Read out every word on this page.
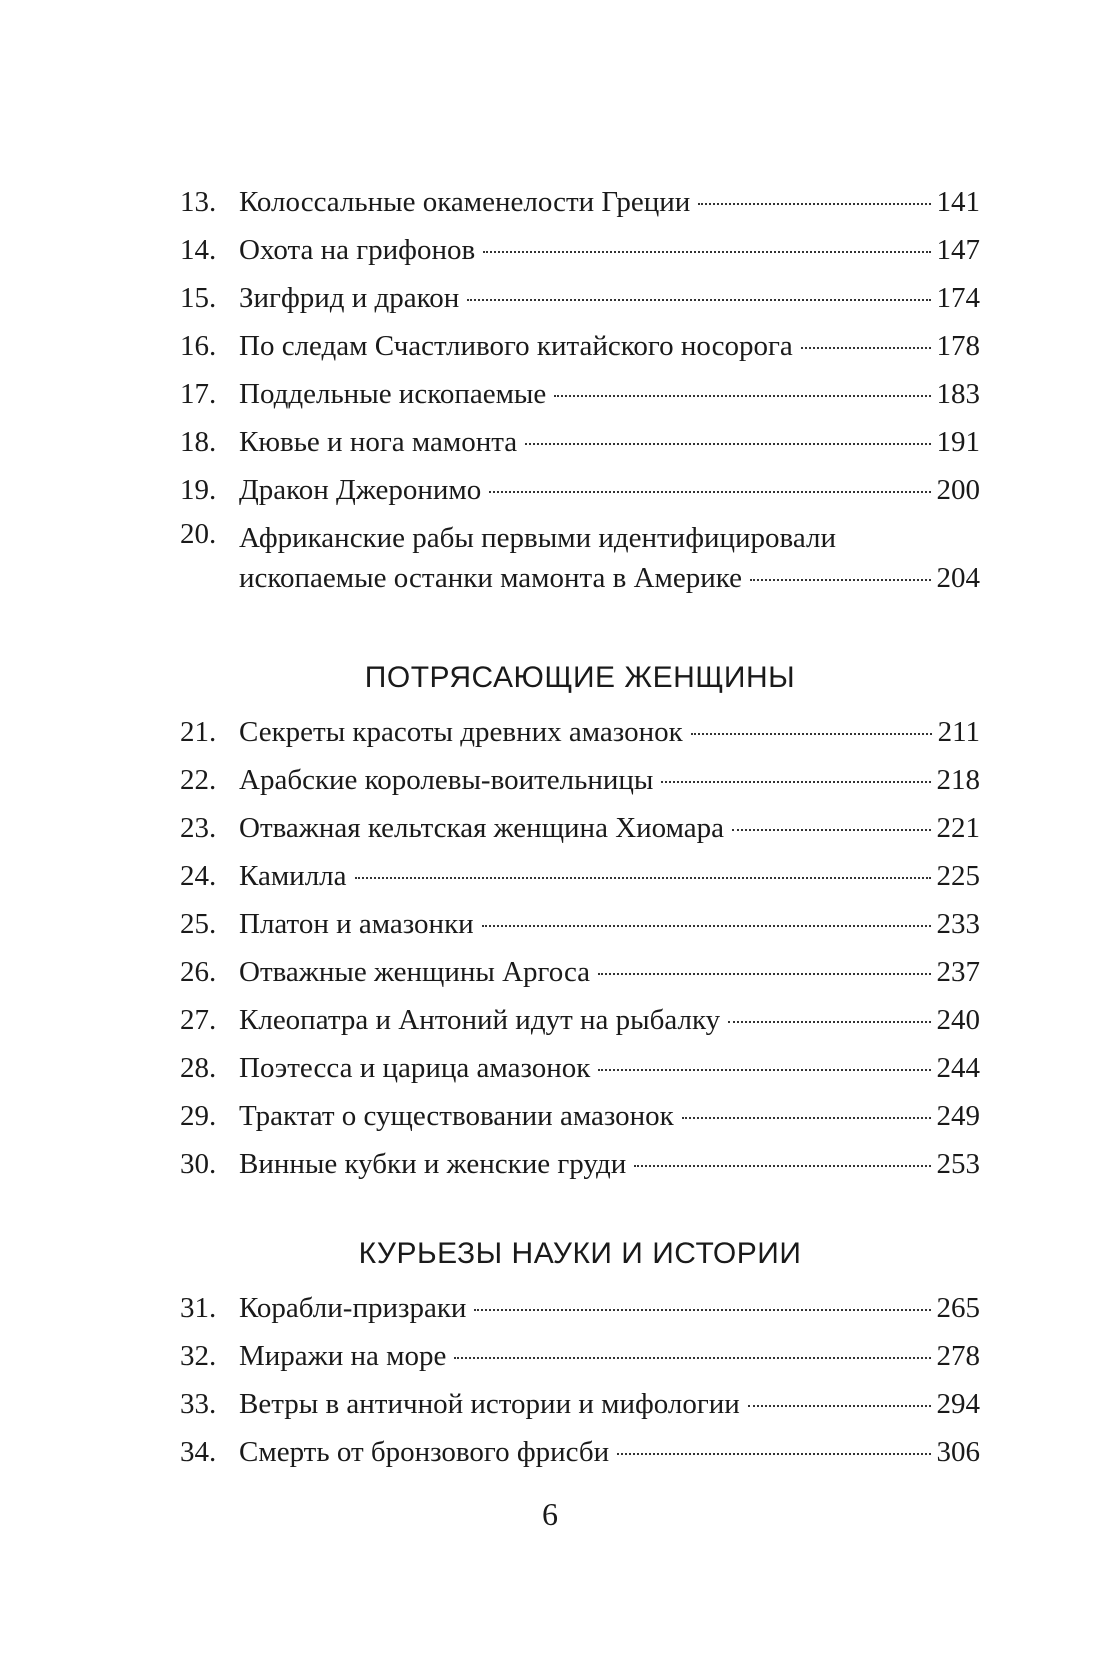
13. Колоссальные окаменелости Греции	141
14. Охота на грифонов	147
15. Зигфрид и дракон	174
16. По следам Счастливого китайского носорога	178
17. Поддельные ископаемые	183
18. Кювье и нога мамонта	191
19. Дракон Джеронимо	200
20. Африканские рабы первыми идентифицировали
ископаемые останки мамонта в Америке	204
ПОТРЯСАЮЩИЕ ЖЕНЩИНЫ
21. Секреты красоты древних амазонок	211
22. Арабские королевы-воительницы	218
23. Отважная кельтская женщина Хиомара	221
24. Камилла	225
25. Платон и амазонки	233
26. Отважные женщины Аргоса	237
27. Клеопатра и Антоний идут на рыбалку	240
28. Поэтесса и царица амазонок	244
29. Трактат о существовании амазонок	249
30. Винные кубки и женские груди	253
КУРЬЕЗЫ НАУКИ И ИСТОРИИ
31. Корабли-призраки	265
32. Миражи на море	278
33. Ветры в античной истории и мифологии	294
34. Смерть от бронзового фрисби	306
6
